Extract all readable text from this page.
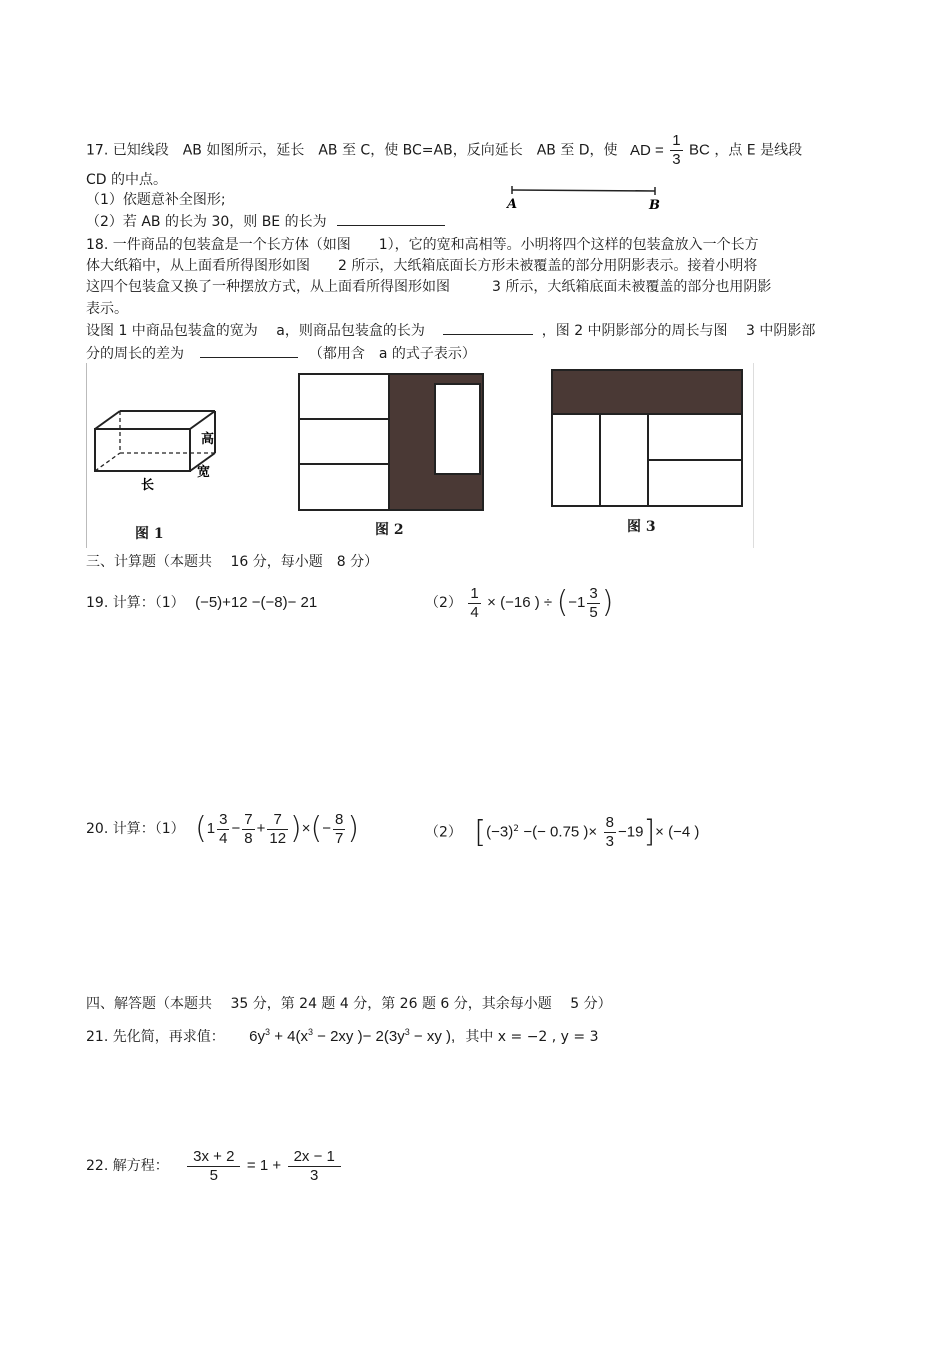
17. 已知线段　AB 如图所示，延长　AB 至 C，使 BC=AB，反向延长　AB 至 D，使 AD = $\frac{1}{3}$ BC ，点 E 是线段
CD 的中点。
（1）依题意补全图形;
（2）若 AB 的长为 30，则 BE 的长为
A	B
18. 一件商品的包装盒是一个长方体（如图　　1），它的宽和高相等。小明将四个这样的包装盒放入一个长方
体大纸箱中，从上面看所得图形如图　　2 所示，大纸箱底面长方形未被覆盖的部分用阴影表示。接着小明将
这四个包装盒又换了一种摆放方式，从上面看所得图形如图　　　3 所示，大纸箱底面未被覆盖的部分也用阴影
表示。
设图 1 中商品包装盒的宽为　 a，则商品包装盒的长为	，图 2 中阴影部分的周长与图　 3 中阴影部
分的周长的差为	（都用含　a 的式子表示）
高
宽
长
图 1	图 2	图 3
三、计算题（本题共　 16 分，每小题　8 分）
19. 计算：（1） (−5)+12 −(−8)− 21	$(2) \frac{1}{4} \times (-16$ ) ÷ ($-1 \frac{3}{5}$ )
20. 计算：（1） ($1 \frac{3}{4} - \frac{7}{8} + \frac{7}{12}$ )×(− $\frac{8}{7}$ )	（2） [$(-3)^2$ −(− 0.75 )× $\frac{8}{3} -19]\times (-4$ )
四、解答题（本题共　 35 分，第 24 题 4 分，第 26 题 6 分，其余每小题　 5 分）
21. 先化简，再求值： $6y^3 + 4(x^3 - 2xy$ )− $2(3y^3$ − xy ), 其中 x = −2 , y = 3
22. 解方程： $\frac{3x + 2}{5} = 1 + \frac{2x - 1}{3}$
